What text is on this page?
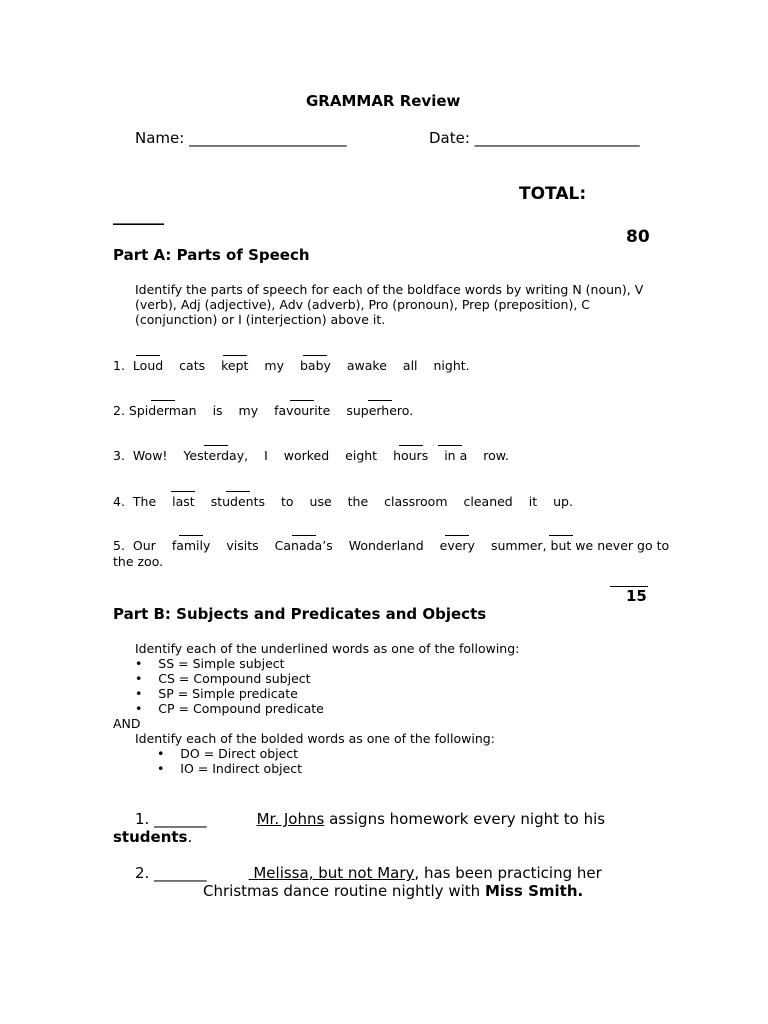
GRAMMAR Review
Name: _____________________	Date: ______________________
TOTAL:
______
80
Part A: Parts of Speech
Identify the parts of speech for each of the boldface words by writing N (noun), V (verb), Adj (adjective), Adv (adverb), Pro (pronoun), Prep (preposition), C (conjunction) or I (interjection) above it.
1. Loud cats kept my baby awake all night.
2. Spiderman is my favourite superhero.
3. Wow! Yesterday, I worked eight hours in a row.
4. The last students to use the classroom cleaned it up.
5. Our family visits Canada’s Wonderland every summer, but we never go to
the zoo.
15
Part B: Subjects and Predicates and Objects
Identify each of the underlined words as one of the following:
• SS = Simple subject
• CS = Compound subject
• SP = Simple predicate
• CP = Compound predicate
AND
Identify each of the bolded words as one of the following:
• DO = Direct object
• IO = Indirect object
1. _______	Mr. Johns assigns homework every night to his
students.
2. _______	Melissa, but not Mary, has been practicing her
Christmas dance routine nightly with Miss Smith.
